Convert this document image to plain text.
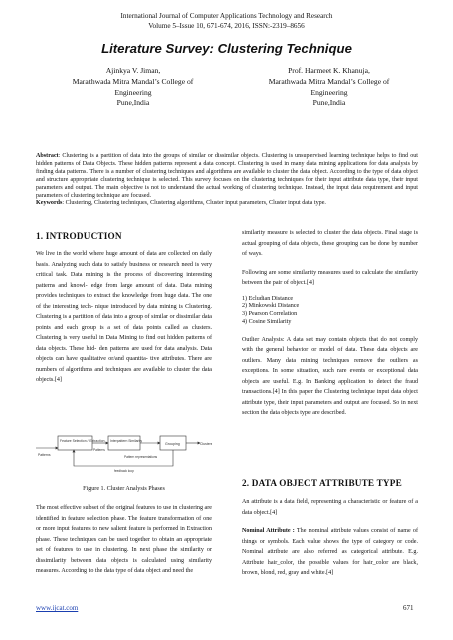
International Journal of Computer Applications Technology and Research
Volume 5–Issue 10, 671-674, 2016, ISSN:-2319–8656
Literature Survey: Clustering Technique
Ajinkya V. Jiman,
Marathwada Mitra Mandal’s College of
Engineering
Pune,India
Prof. Harmeet K. Khanuja,
Marathwada Mitra Mandal’s College of
Engineering
Pune,India
Abstract: Clustering is a partition of data into the groups of similar or dissimilar objects. Clustering is unsupervised learning technique helps to find out hidden patterns of Data Objects. These hidden patterns represent a data concept. Clustering is used in many data mining applications for data analysis by finding data patterns. There is a number of clustering techniques and algorithms are available to cluster the data object. According to the type of data object and structure appropriate clustering technique is selected. This survey focuses on the clustering techniques for their input attribute data type, their input parameters and output. The main objective is not to understand the actual working of clustering technique. Instead, the input data requirement and input parameters of clustering technique are focused.
Keywords: Clustering, Clustering techniques, Clustering algorithms, Cluster input parameters, Cluster input data type.
1. INTRODUCTION

We live in the world where huge amount of data are collected on daily basis. Analyzing such data to satisfy business or research need is very critical task. Data mining is the process of discovering interesting patterns and knowl- edge from large amount of data. Data mining provides techniques to extract the knowledge from huge data. The one of the interesting tech- nique introduced by data mining is Clustering. Clustering is a partition of data into a group of similar or dissimilar data points and each group is a set of data points called as clusters. Clustering is very useful in Data Mining to find out hidden patterns of data objects. These hid- den patterns are used for data analysis. Data objects can have qualitative or/and quantita- tive attributes. There are numbers of algorithms and techniques are available to cluster the data objects.[4]

Patterns
Feature Selection / Extraction
Patterns
Interpattern Similarity
Pattern representations
Grouping	Clusters
feedback loop
Figure 1. Cluster Analysis Phases

The most effective subset of the original features to use in clustering are identified in feature selection phase. The feature transformation of one or more input features to new salient feature is performed in Extraction phase. These techniques can be used together to obtain an appropriate set of features to use in clustering. In next phase the similarity or dissimilarity between data objects is calculated using similarity measures. According to the data type of data object and need the

similarity measure is selected to cluster the data objects. Final stage is actual grouping of data objects, these grouping can be done by number of ways.

Following are some similarity measures used to calculate the similarity between the pair of object.[4]

1) Ecludian Distance
2) Minkowski Distance
3) Pearson Correlation
4) Cosine Similarity

Outlier Analysis: A data set may contain objects that do not comply with the general behavior or model of data. These data objects are outliers. Many data mining techniques remove the outliers as exceptions. In some situation, such rare events or exceptional data objects are useful. E.g. In Banking application to detect the fraud transactions.[4] In this paper the Clustering technique input data object attribute type, their input parameters and output are focused. So in next section the data objects type are described.

2. DATA OBJECT ATTRIBUTE TYPE

An attribute is a data field, representing a characteristic or feature of a data object.[4]

Nominal Attribute : The nominal attribute values consist of name of things or symbols. Each value shows the type of category or code. Nominal attribute are also referred as categorical attribute. E.g. Attribute hair_color, the possible values for hair_color are black, brown, blond, red, gray and white.[4]

www.ijcat.com	671
